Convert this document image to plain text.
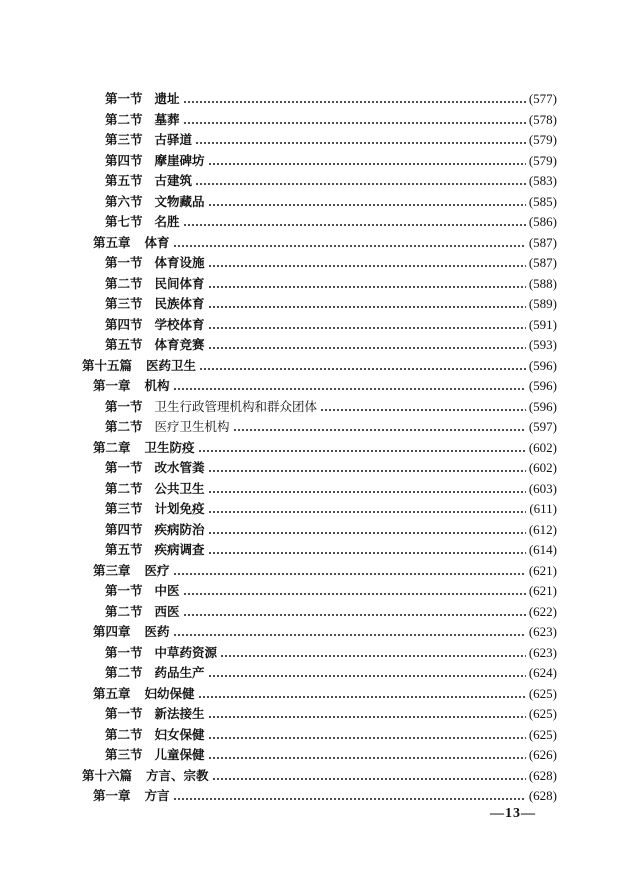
第一节 遗址	(577)
第二节 墓葬	(578)
第三节 古驿道	(579)
第四节 摩崖碑坊	(579)
第五节 古建筑	(583)
第六节 文物藏品	(585)
第七节 名胜	(586)
第五章 体育	(587)
第一节 体育设施	(587)
第二节 民间体育	(588)
第三节 民族体育	(589)
第四节 学校体育	(591)
第五节 体育竞赛	(593)
第十五篇 医药卫生	(596)
第一章 机构	(596)
第一节 卫生行政管理机构和群众团体	(596)
第二节 医疗卫生机构	(597)
第二章 卫生防疫	(602)
第一节 改水管粪	(602)
第二节 公共卫生	(603)
第三节 计划免疫	(611)
第四节 疾病防治	(612)
第五节 疾病调查	(614)
第三章 医疗	(621)
第一节 中医	(621)
第二节 西医	(622)
第四章 医药	(623)
第一节 中草药资源	(623)
第二节 药品生产	(624)
第五章 妇幼保健	(625)
第一节 新法接生	(625)
第二节 妇女保健	(625)
第三节 儿童保健	(626)
第十六篇 方言、宗教	(628)
第一章 方言	(628)
—13—
